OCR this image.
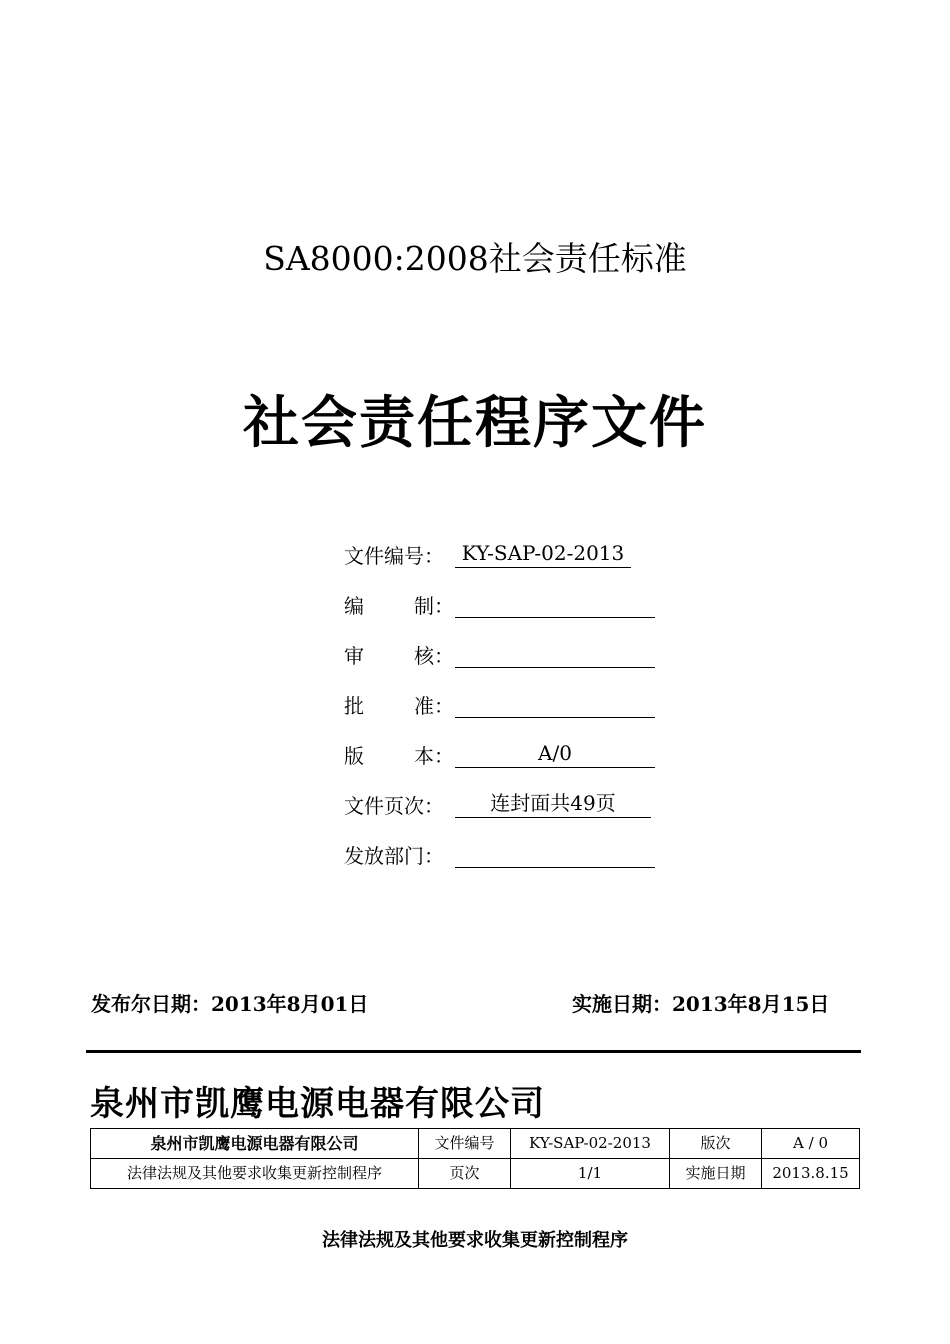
SA8000:2008社会责任标准
社会责任程序文件
文件编号： KY-SAP-02-2013
编	制：
审	核：
批	准：
版	本：	A/0
文件页次：	连封面共49页
发放部门：
发布尔日期：2013年8月01日	实施日期：2013年8月15日
泉州市凯鹰电源电器有限公司
泉州市凯鹰电源电器有限公司	文件编号	KY-SAP-02-2013	版次	A / 0
法律法规及其他要求收集更新控制程序	页次	1/1	实施日期	2013.8.15
法律法规及其他要求收集更新控制程序
